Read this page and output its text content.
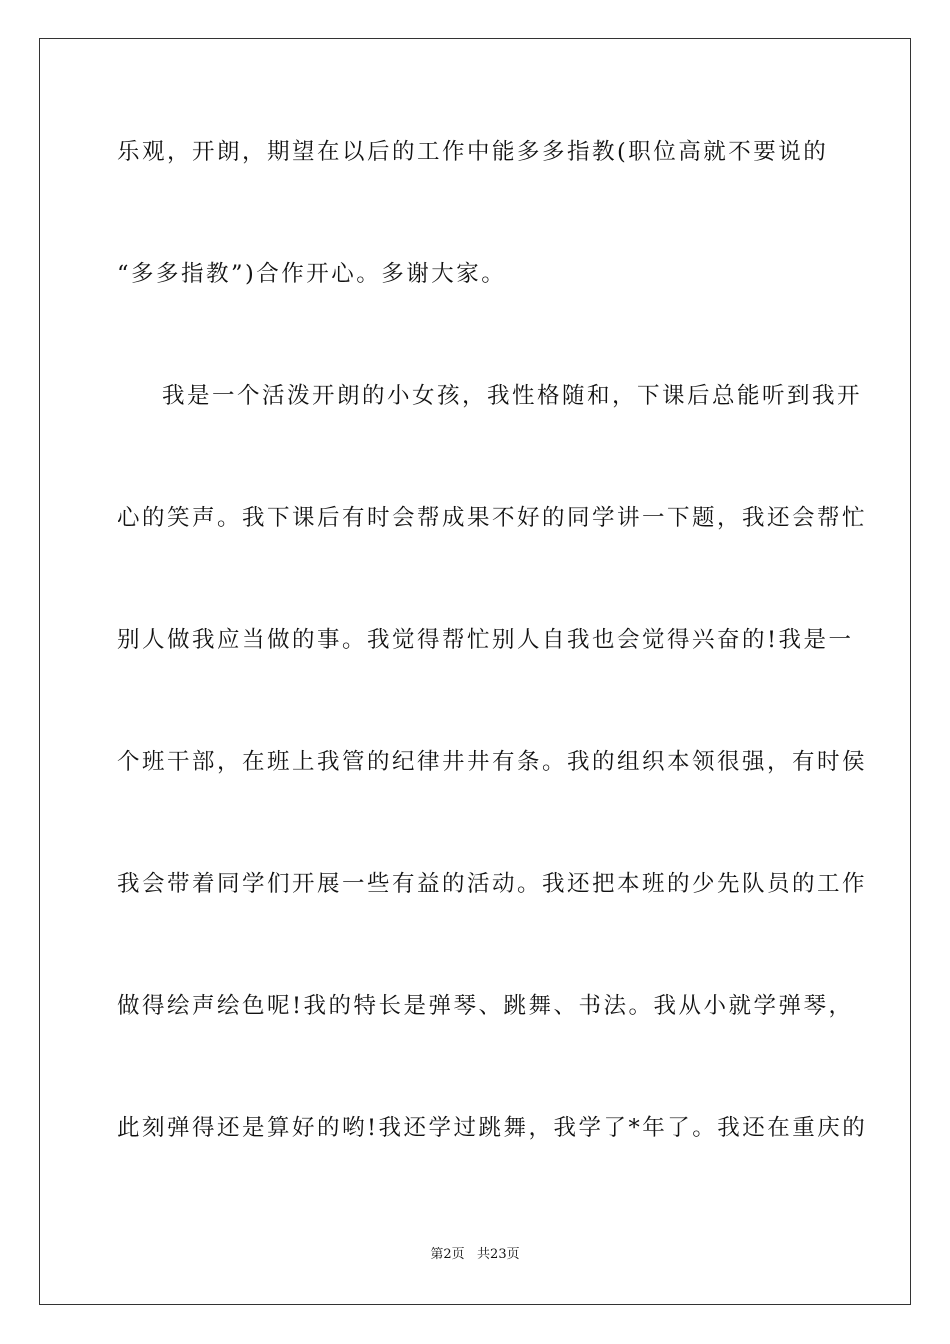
乐观，开朗，期望在以后的工作中能多多指教(职位高就不要说的

“多多指教”)合作开心。多谢大家。

我是一个活泼开朗的小女孩，我性格随和，下课后总能听到我开

心的笑声。我下课后有时会帮成果不好的同学讲一下题，我还会帮忙

别人做我应当做的事。我觉得帮忙别人自我也会觉得兴奋的!我是一

个班干部，在班上我管的纪律井井有条。我的组织本领很强，有时侯

我会带着同学们开展一些有益的活动。我还把本班的少先队员的工作

做得绘声绘色呢!我的特长是弹琴、跳舞、书法。我从小就学弹琴，

此刻弹得还是算好的哟!我还学过跳舞，我学了*年了。我还在重庆的

第2页   共23页
